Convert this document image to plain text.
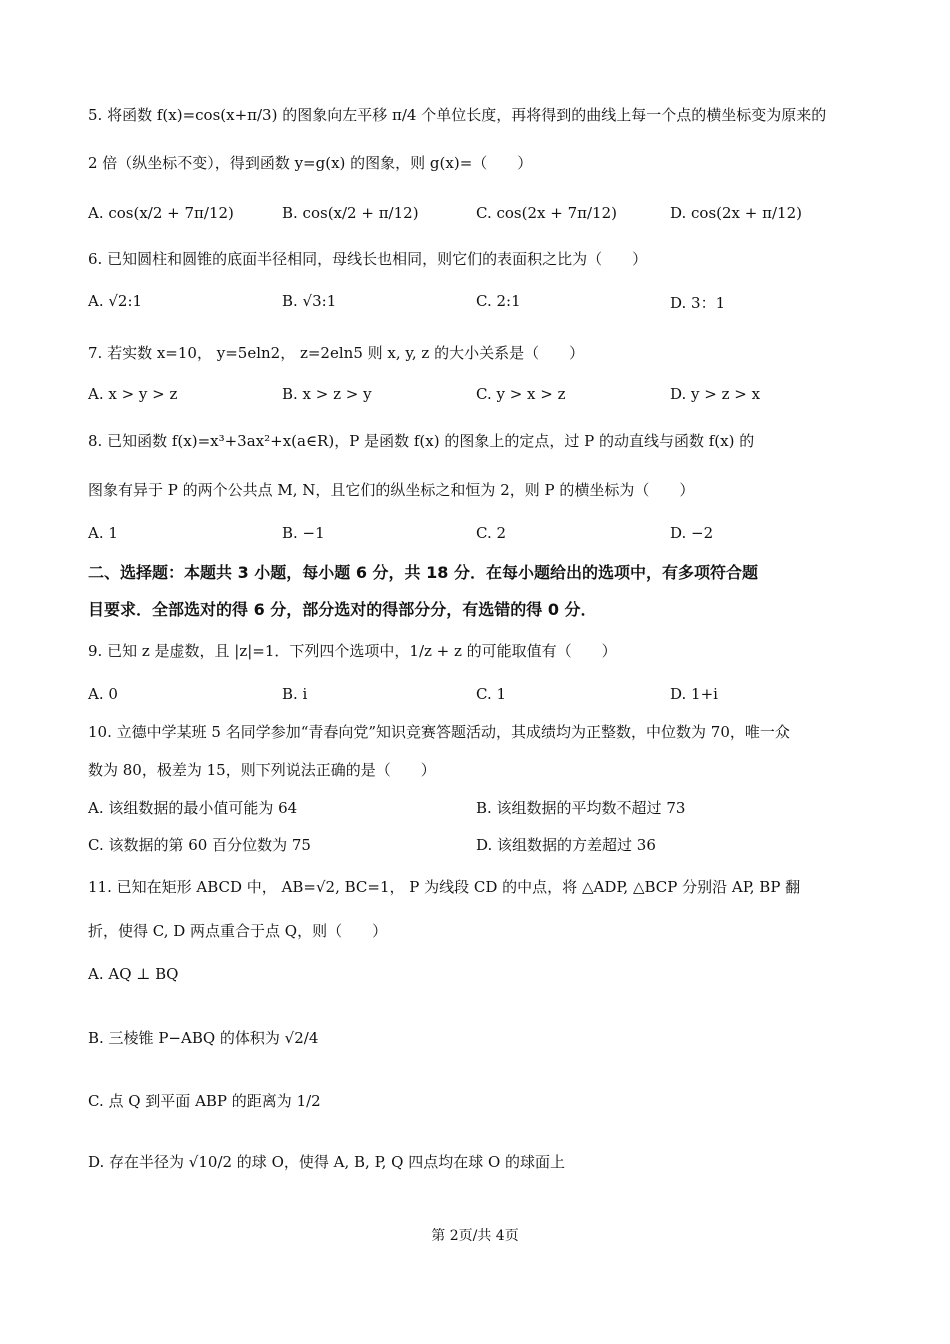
5. 将函数 f(x)=cos(x+π/3) 的图象向左平移 π/4 个单位长度，再将得到的曲线上每一个点的横坐标变为原来的
2 倍（纵坐标不变），得到函数 y=g(x) 的图象，则 g(x)=（　　）
A. cos(x/2 + 7π/12)	B. cos(x/2 + π/12)	C. cos(2x + 7π/12)	D. cos(2x + π/12)
6. 已知圆柱和圆锥的底面半径相同，母线长也相同，则它们的表面积之比为（　　）
A. √2:1	B. √3:1	C. 2:1	D. 3：1
7. 若实数 x=10， y=5eln2， z=2eln5 则 x, y, z 的大小关系是（　　）
A. x > y > z	B. x > z > y	C. y > x > z	D. y > z > x
8. 已知函数 f(x)=x³+3ax²+x(a∈R)，P 是函数 f(x) 的图象上的定点，过 P 的动直线与函数 f(x) 的
图象有异于 P 的两个公共点 M, N，且它们的纵坐标之和恒为 2，则 P 的横坐标为（　　）
A. 1	B. −1	C. 2	D. −2
二、选择题：本题共 3 小题，每小题 6 分，共 18 分．在每小题给出的选项中，有多项符合题
目要求．全部选对的得 6 分，部分选对的得部分分，有选错的得 0 分．
9. 已知 z 是虚数，且 |z|=1．下列四个选项中，1/z + z 的可能取值有（　　）
A. 0	B. i	C. 1	D. 1+i
10. 立德中学某班 5 名同学参加“青春向党”知识竞赛答题活动，其成绩均为正整数，中位数为 70，唯一众
数为 80，极差为 15，则下列说法正确的是（　　）
A. 该组数据的最小值可能为 64	B. 该组数据的平均数不超过 73
C. 该数据的第 60 百分位数为 75	D. 该组数据的方差超过 36
11. 已知在矩形 ABCD 中， AB=√2, BC=1， P 为线段 CD 的中点，将 △ADP, △BCP 分别沿 AP, BP 翻
折，使得 C, D 两点重合于点 Q，则（　　）
A. AQ ⊥ BQ
B. 三棱锥 P−ABQ 的体积为 √2/4
C. 点 Q 到平面 ABP 的距离为 1/2
D. 存在半径为 √10/2 的球 O，使得 A, B, P, Q 四点均在球 O 的球面上
第 2页/共 4页
